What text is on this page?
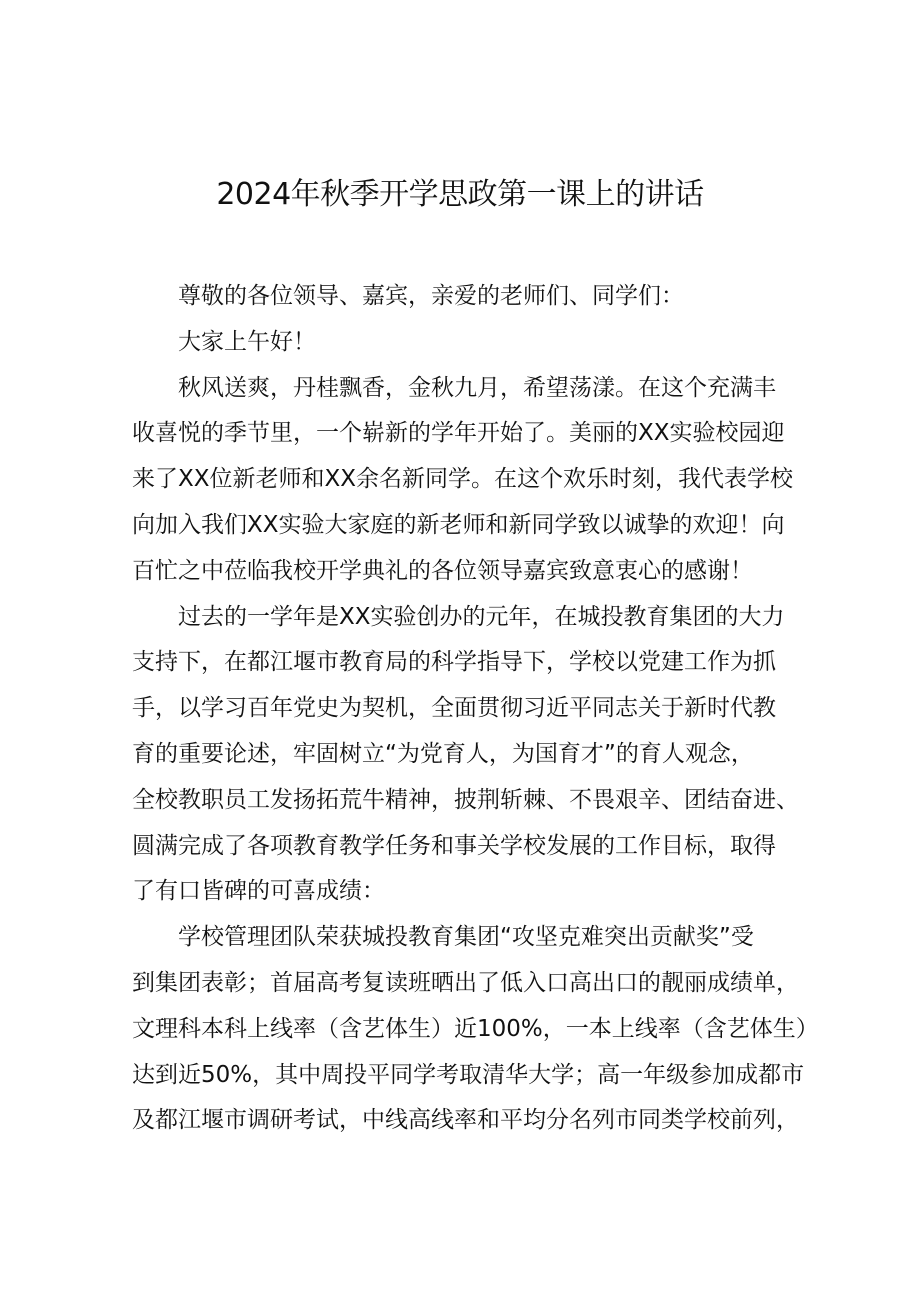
2024年秋季开学思政第一课上的讲话
尊敬的各位领导、嘉宾，亲爱的老师们、同学们：
大家上午好！
秋风送爽，丹桂飘香，金秋九月，希望荡漾。在这个充满丰
收喜悦的季节里，一个崭新的学年开始了。美丽的XX实验校园迎
来了XX位新老师和XX余名新同学。在这个欢乐时刻，我代表学校
向加入我们XX实验大家庭的新老师和新同学致以诚挚的欢迎！向
百忙之中莅临我校开学典礼的各位领导嘉宾致意衷心的感谢！
过去的一学年是XX实验创办的元年，在城投教育集团的大力
支持下，在都江堰市教育局的科学指导下，学校以党建工作为抓
手，以学习百年党史为契机，全面贯彻习近平同志关于新时代教
育的重要论述，牢固树立“为党育人，为国育才”的育人观念，
全校教职员工发扬拓荒牛精神，披荆斩棘、不畏艰辛、团结奋进、
圆满完成了各项教育教学任务和事关学校发展的工作目标，取得
了有口皆碑的可喜成绩：
学校管理团队荣获城投教育集团“攻坚克难突出贡献奖”受
到集团表彰；首届高考复读班晒出了低入口高出口的靓丽成绩单，
文理科本科上线率（含艺体生）近100%，一本上线率（含艺体生）
达到近50%，其中周投平同学考取清华大学；高一年级参加成都市
及都江堰市调研考试，中线高线率和平均分名列市同类学校前列，
